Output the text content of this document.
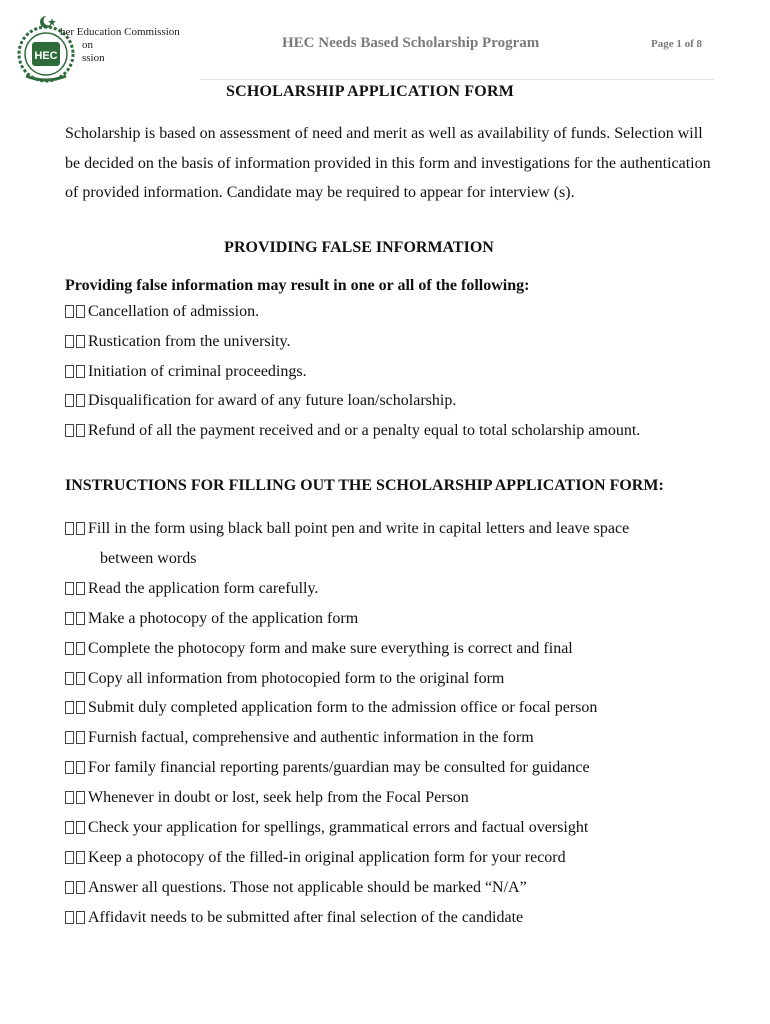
HEC
her Education Commission
on
ssion
HEC Needs Based Scholarship Program	Page 1 of 8
SCHOLARSHIP APPLICATION FORM
Scholarship is based on assessment of need and merit as well as availability of funds. Selection will be decided on the basis of information provided in this form and investigations for the authentication of provided information. Candidate may be required to appear for interview (s).
PROVIDING FALSE INFORMATION
Providing false information may result in one or all of the following:
Cancellation of admission.
Rustication from the university.
Initiation of criminal proceedings.
Disqualification for award of any future loan/scholarship.
Refund of all the payment received and or a penalty equal to total scholarship amount.
INSTRUCTIONS FOR FILLING OUT THE SCHOLARSHIP APPLICATION FORM:
Fill in the form using black ball point pen and write in capital letters and leave space
between words
Read the application form carefully.
Make a photocopy of the application form
Complete the photocopy form and make sure everything is correct and final
Copy all information from photocopied form to the original form
Submit duly completed application form to the admission office or focal person
Furnish factual, comprehensive and authentic information in the form
For family financial reporting parents/guardian may be consulted for guidance
Whenever in doubt or lost, seek help from the Focal Person
Check your application for spellings, grammatical errors and factual oversight
Keep a photocopy of the filled-in original application form for your record
Answer all questions. Those not applicable should be marked “N/A”
Affidavit needs to be submitted after final selection of the candidate
